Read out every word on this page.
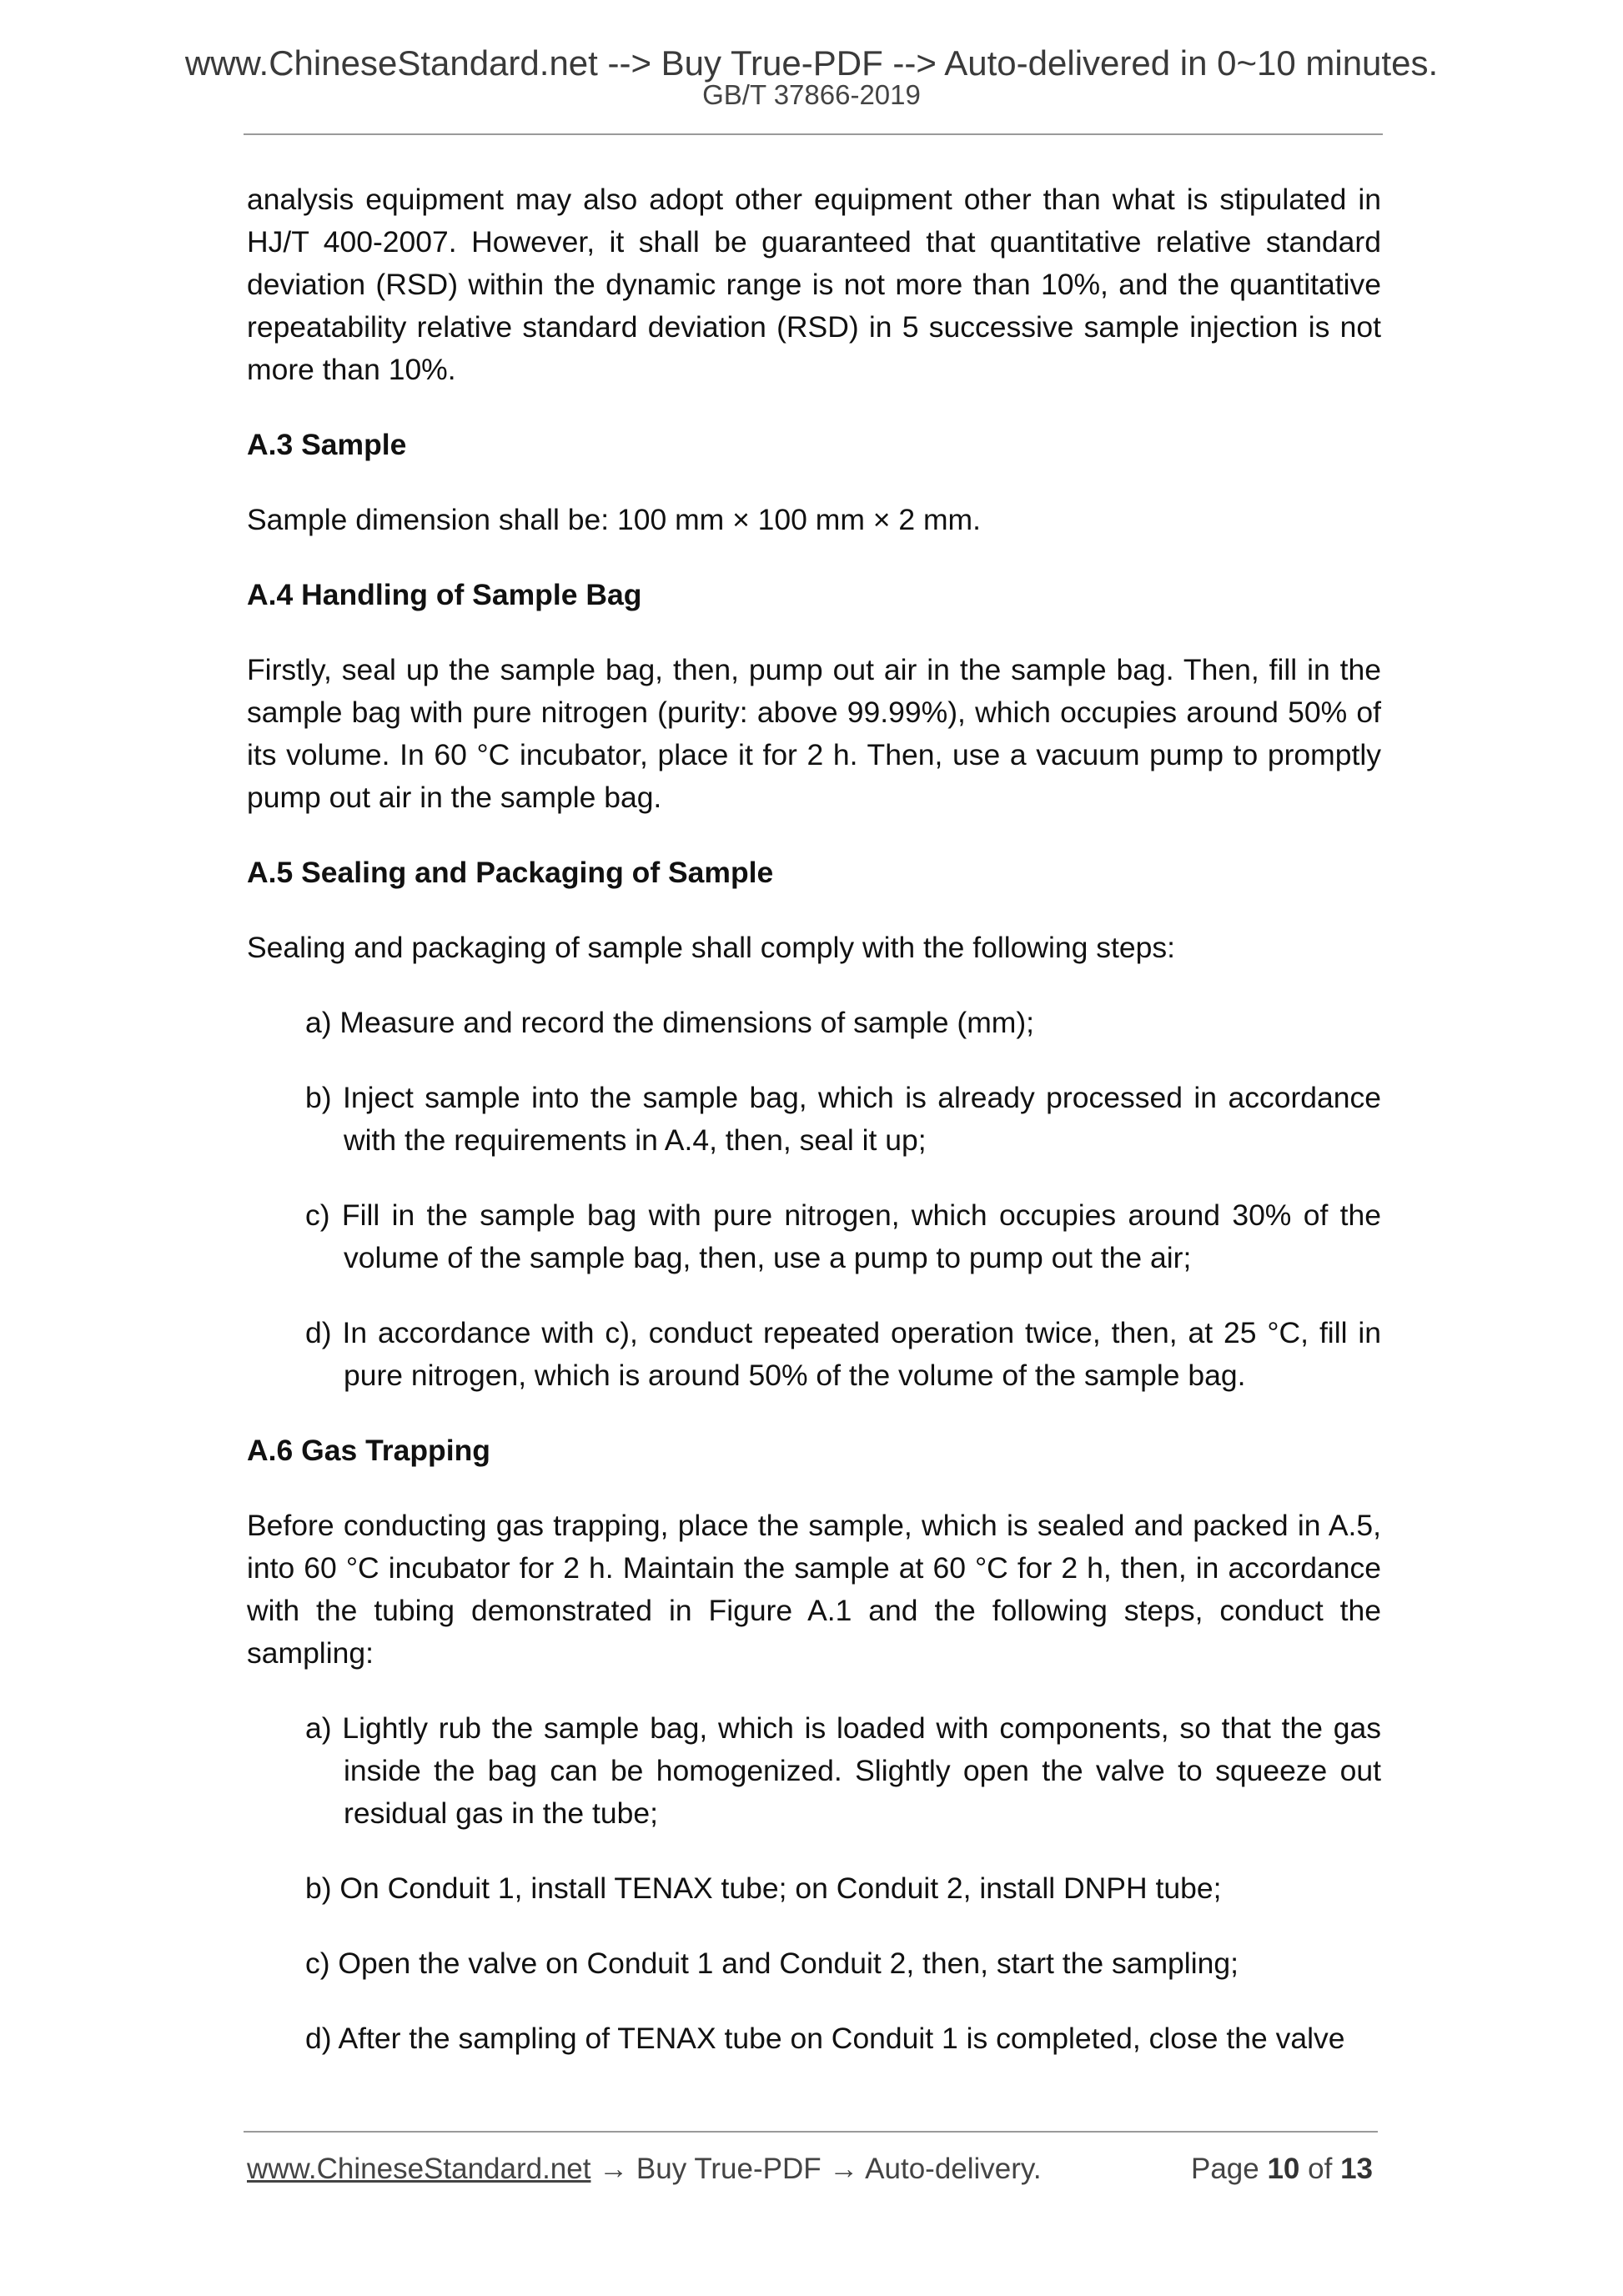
www.ChineseStandard.net --> Buy True-PDF --> Auto-delivered in 0~10 minutes.
GB/T 37866-2019

analysis equipment may also adopt other equipment other than what is stipulated in HJ/T 400-2007. However, it shall be guaranteed that quantitative relative standard deviation (RSD) within the dynamic range is not more than 10%, and the quantitative repeatability relative standard deviation (RSD) in 5 successive sample injection is not more than 10%.

A.3 Sample

Sample dimension shall be: 100 mm × 100 mm × 2 mm.

A.4 Handling of Sample Bag

Firstly, seal up the sample bag, then, pump out air in the sample bag. Then, fill in the sample bag with pure nitrogen (purity: above 99.99%), which occupies around 50% of its volume. In 60 °C incubator, place it for 2 h. Then, use a vacuum pump to promptly pump out air in the sample bag.

A.5 Sealing and Packaging of Sample

Sealing and packaging of sample shall comply with the following steps:

a) Measure and record the dimensions of sample (mm);

b) Inject sample into the sample bag, which is already processed in accordance with the requirements in A.4, then, seal it up;

c) Fill in the sample bag with pure nitrogen, which occupies around 30% of the volume of the sample bag, then, use a pump to pump out the air;

d) In accordance with c), conduct repeated operation twice, then, at 25 °C, fill in pure nitrogen, which is around 50% of the volume of the sample bag.

A.6 Gas Trapping

Before conducting gas trapping, place the sample, which is sealed and packed in A.5, into 60 °C incubator for 2 h. Maintain the sample at 60 °C for 2 h, then, in accordance with the tubing demonstrated in Figure A.1 and the following steps, conduct the sampling:

a) Lightly rub the sample bag, which is loaded with components, so that the gas inside the bag can be homogenized. Slightly open the valve to squeeze out residual gas in the tube;

b) On Conduit 1, install TENAX tube; on Conduit 2, install DNPH tube;

c) Open the valve on Conduit 1 and Conduit 2, then, start the sampling;

d) After the sampling of TENAX tube on Conduit 1 is completed, close the valve

www.ChineseStandard.net → Buy True-PDF → Auto-delivery.	Page 10 of 13
